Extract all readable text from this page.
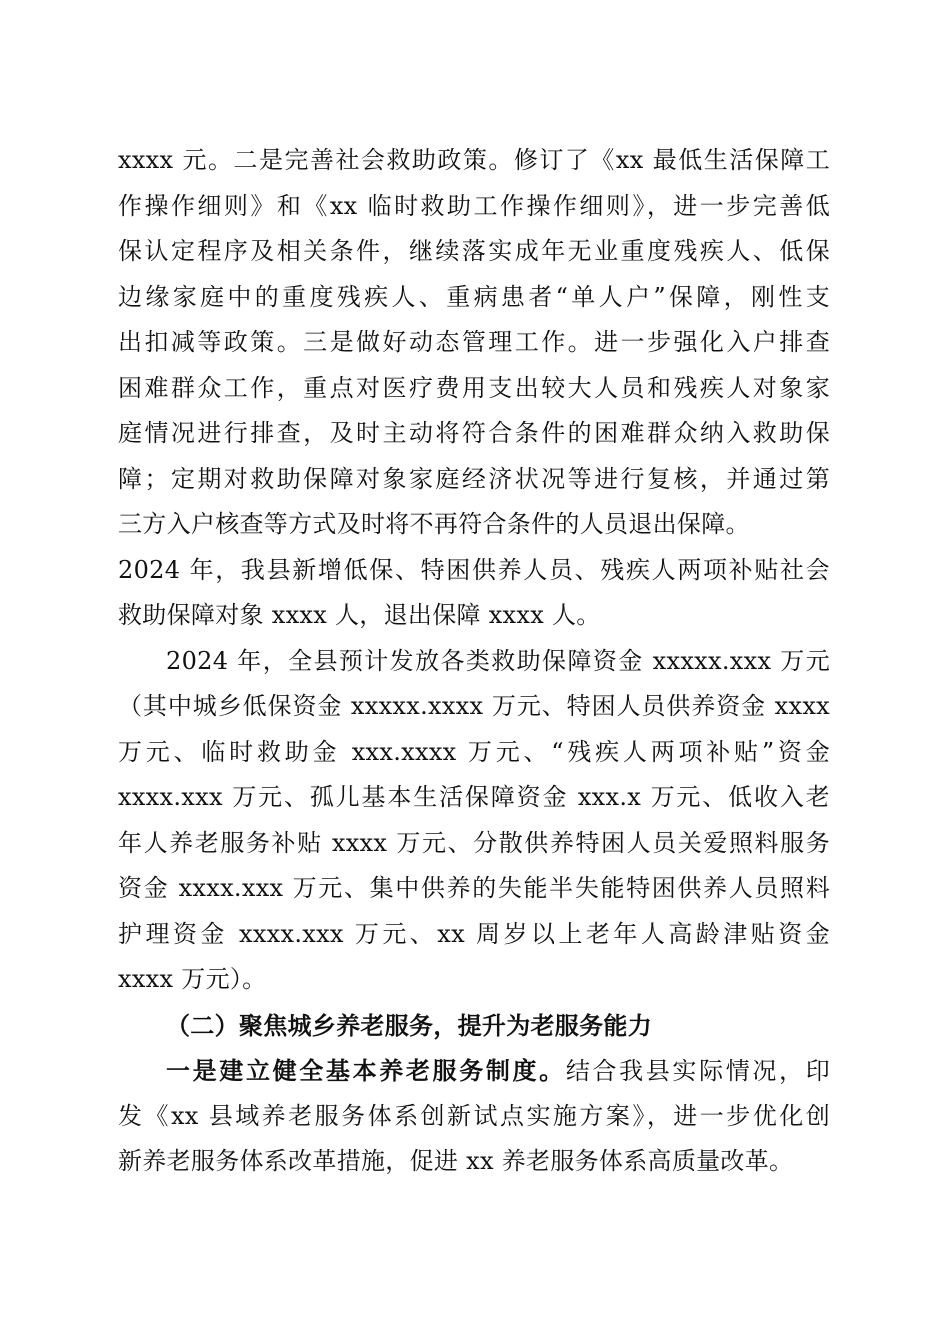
xxxx 元。二是完善社会救助政策。修订了《xx 最低生活保障工
作操作细则》和《xx 临时救助工作操作细则》，进一步完善低
保认定程序及相关条件，继续落实成年无业重度残疾人、低保
边缘家庭中的重度残疾人、重病患者“单人户”保障，刚性支
出扣减等政策。三是做好动态管理工作。进一步强化入户排查
困难群众工作，重点对医疗费用支出较大人员和残疾人对象家
庭情况进行排查，及时主动将符合条件的困难群众纳入救助保
障；定期对救助保障对象家庭经济状况等进行复核，并通过第
三方入户核查等方式及时将不再符合条件的人员退出保障。
2024 年，我县新增低保、特困供养人员、残疾人两项补贴社会
救助保障对象 xxxx 人，退出保障 xxxx 人。
2024 年，全县预计发放各类救助保障资金 xxxxx.xxx 万元
（其中城乡低保资金 xxxxx.xxxx 万元、特困人员供养资金 xxxx
万元、临时救助金 xxx.xxxx 万元、“残疾人两项补贴”资金
xxxx.xxx 万元、孤儿基本生活保障资金 xxx.x 万元、低收入老
年人养老服务补贴 xxxx 万元、分散供养特困人员关爱照料服务
资金 xxxx.xxx 万元、集中供养的失能半失能特困供养人员照料
护理资金 xxxx.xxx 万元、xx 周岁以上老年人高龄津贴资金
xxxx 万元）。
（二）聚焦城乡养老服务，提升为老服务能力
一是建立健全基本养老服务制度。结合我县实际情况，印
发《xx 县域养老服务体系创新试点实施方案》，进一步优化创
新养老服务体系改革措施，促进 xx 养老服务体系高质量改革。
